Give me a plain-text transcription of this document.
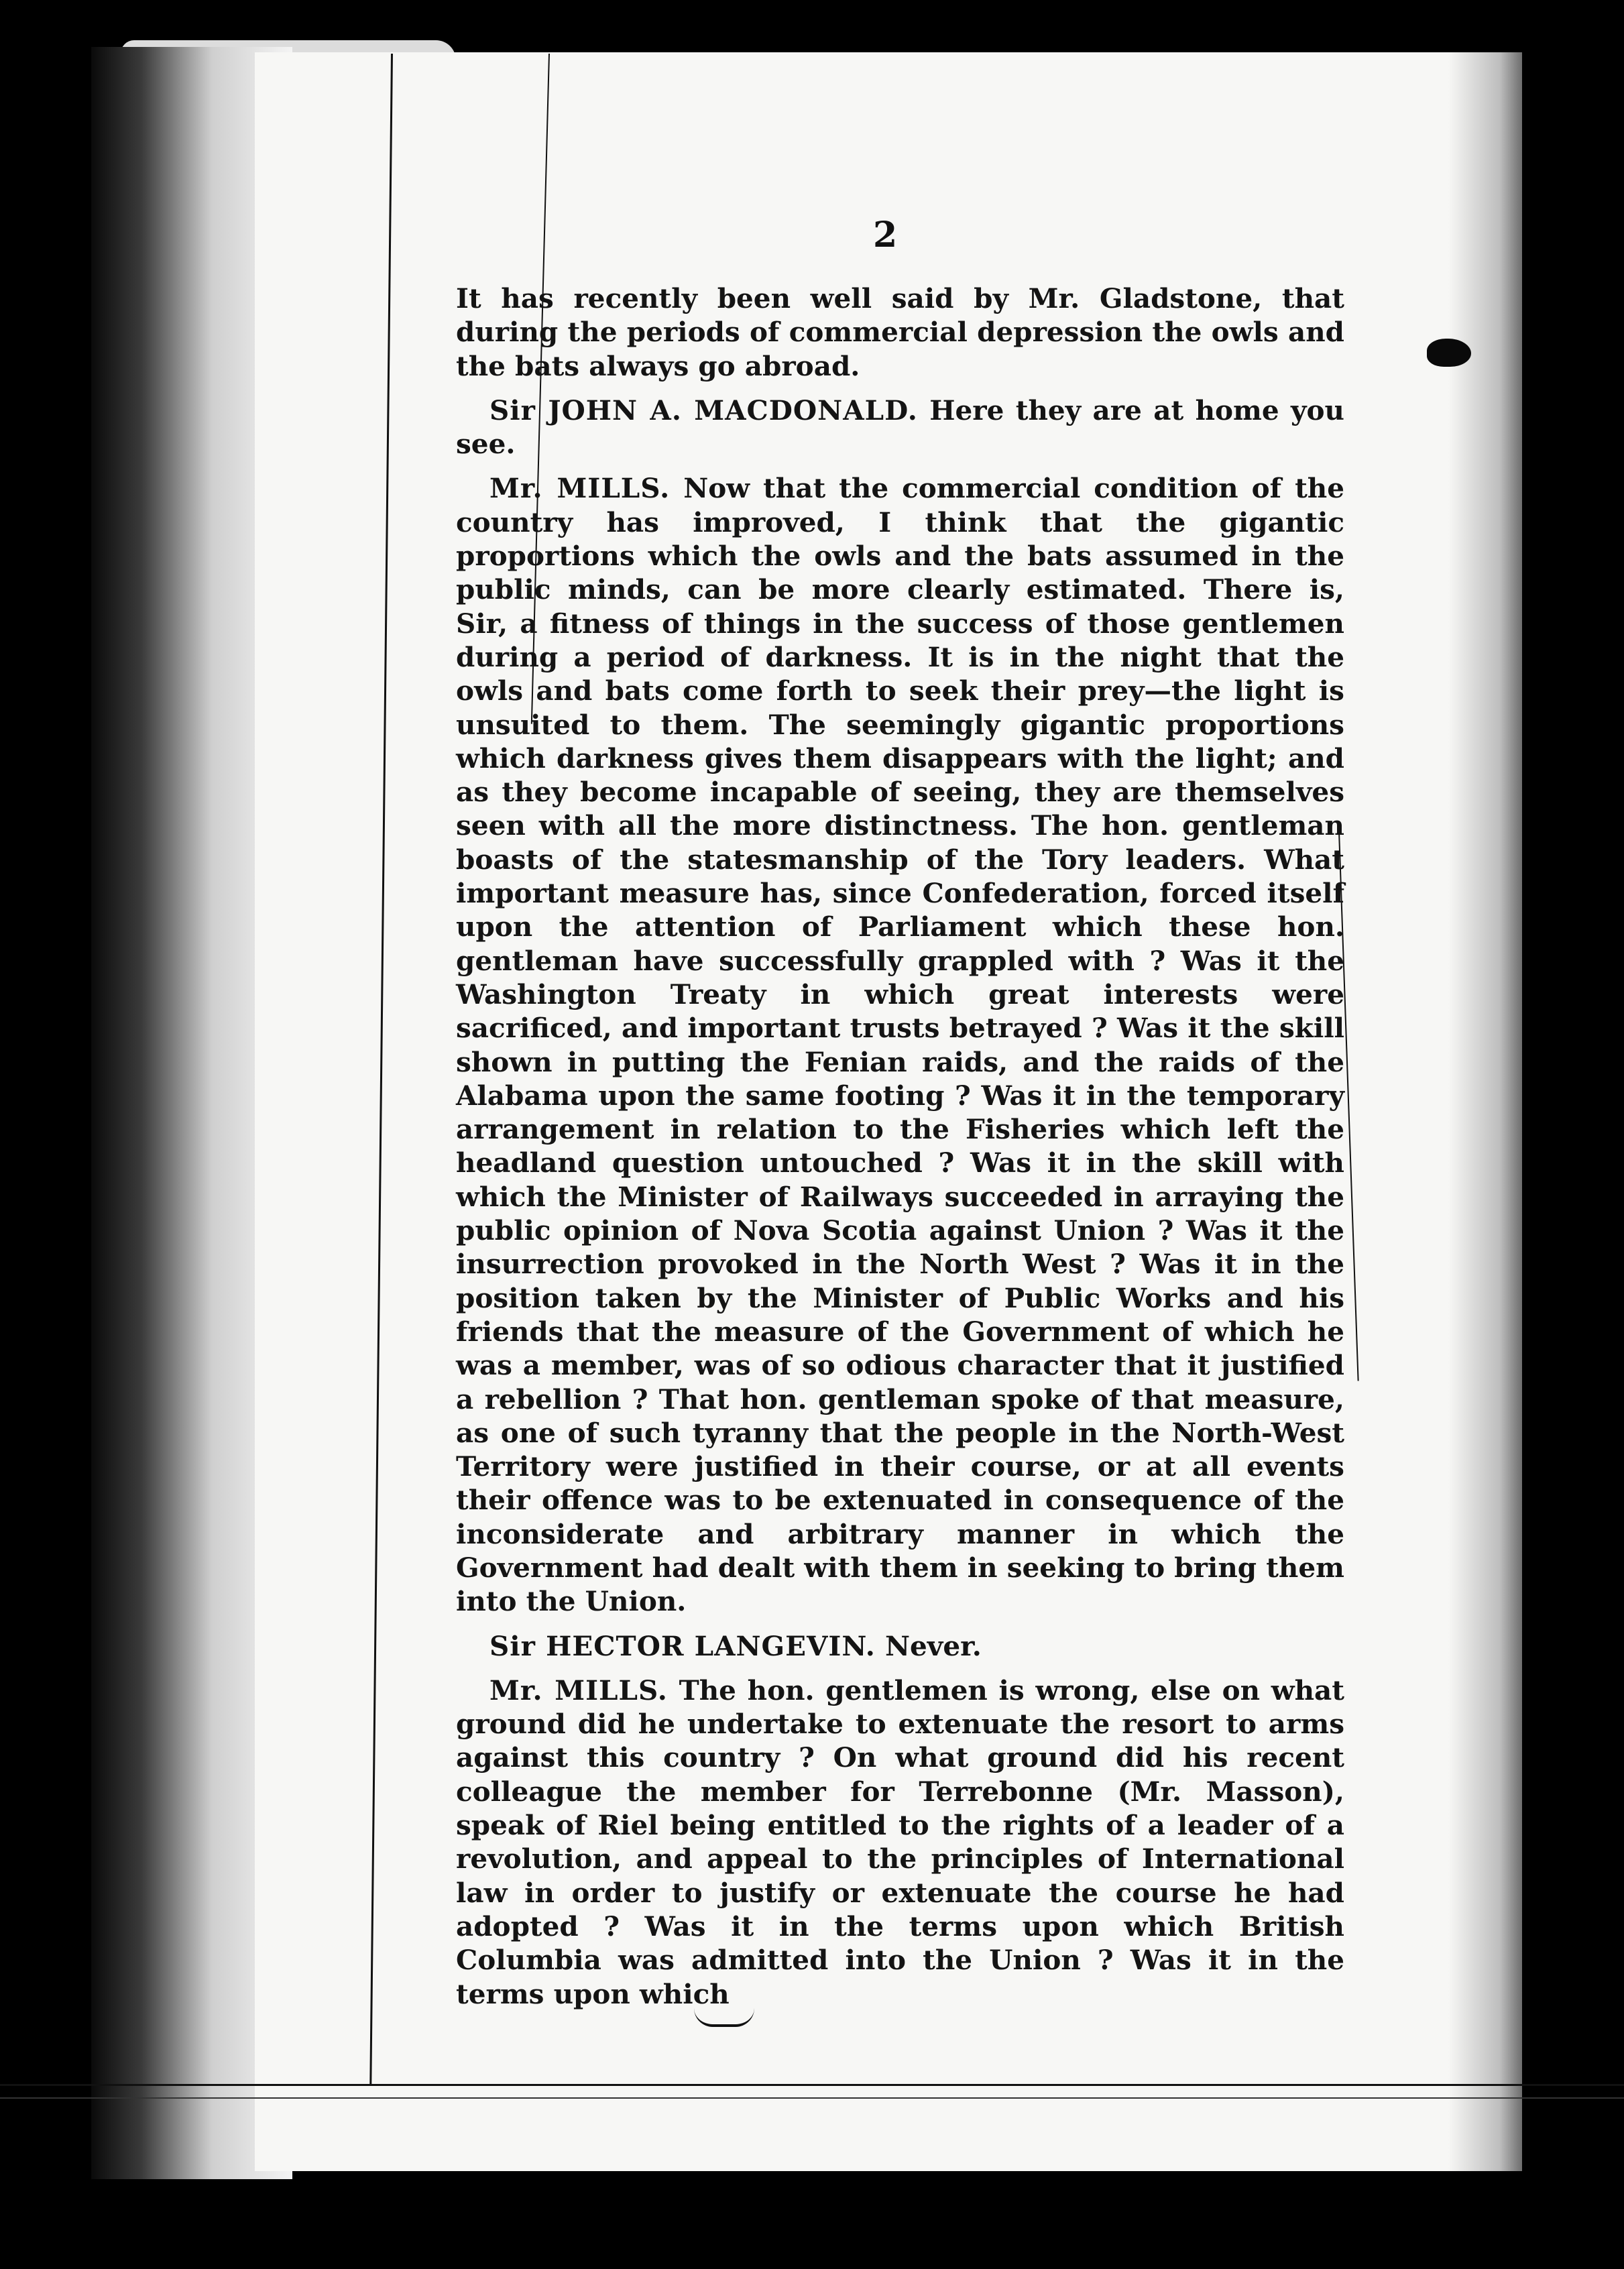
2

It has recently been well said by Mr. Gladstone, that during the periods of commercial depression the owls and the bats always go abroad.

Sir JOHN A. MACDONALD. Here they are at home you see.

Mr. MILLS. Now that the commercial condition of the country has improved, I think that the gigantic proportions which the owls and the bats assumed in the public minds, can be more clearly estimated. There is, Sir, a fitness of things in the success of those gentlemen during a period of darkness. It is in the night that the owls and bats come forth to seek their prey—the light is unsuited to them. The seemingly gigantic proportions which darkness gives them disappears with the light; and as they become incapable of seeing, they are themselves seen with all the more distinctness. The hon. gentleman boasts of the statesmanship of the Tory leaders. What important measure has, since Confederation, forced itself upon the attention of Parliament which these hon. gentleman have successfully grappled with ? Was it the Washington Treaty in which great interests were sacrificed, and important trusts betrayed ? Was it the skill shown in putting the Fenian raids, and the raids of the Alabama upon the same footing ? Was it in the temporary arrangement in relation to the Fisheries which left the headland question untouched ? Was it in the skill with which the Minister of Railways succeeded in arraying the public opinion of Nova Scotia against Union ? Was it the insurrection provoked in the North West ? Was it in the position taken by the Minister of Public Works and his friends that the measure of the Government of which he was a member, was of so odious character that it justified a rebellion ? That hon. gentleman spoke of that measure, as one of such tyranny that the people in the North-West Territory were justified in their course, or at all events their offence was to be extenuated in consequence of the inconsiderate and arbitrary manner in which the Government had dealt with them in seeking to bring them into the Union.

Sir HECTOR LANGEVIN. Never.

Mr. MILLS. The hon. gentlemen is wrong, else on what ground did he undertake to extenuate the resort to arms against this country ? On what ground did his recent colleague the member for Terrebonne (Mr. Masson), speak of Riel being entitled to the rights of a leader of a revolution, and appeal to the principles of International law in order to justify or extenuate the course he had adopted ? Was it in the terms upon which British Columbia was admitted into the Union ? Was it in the terms upon which
